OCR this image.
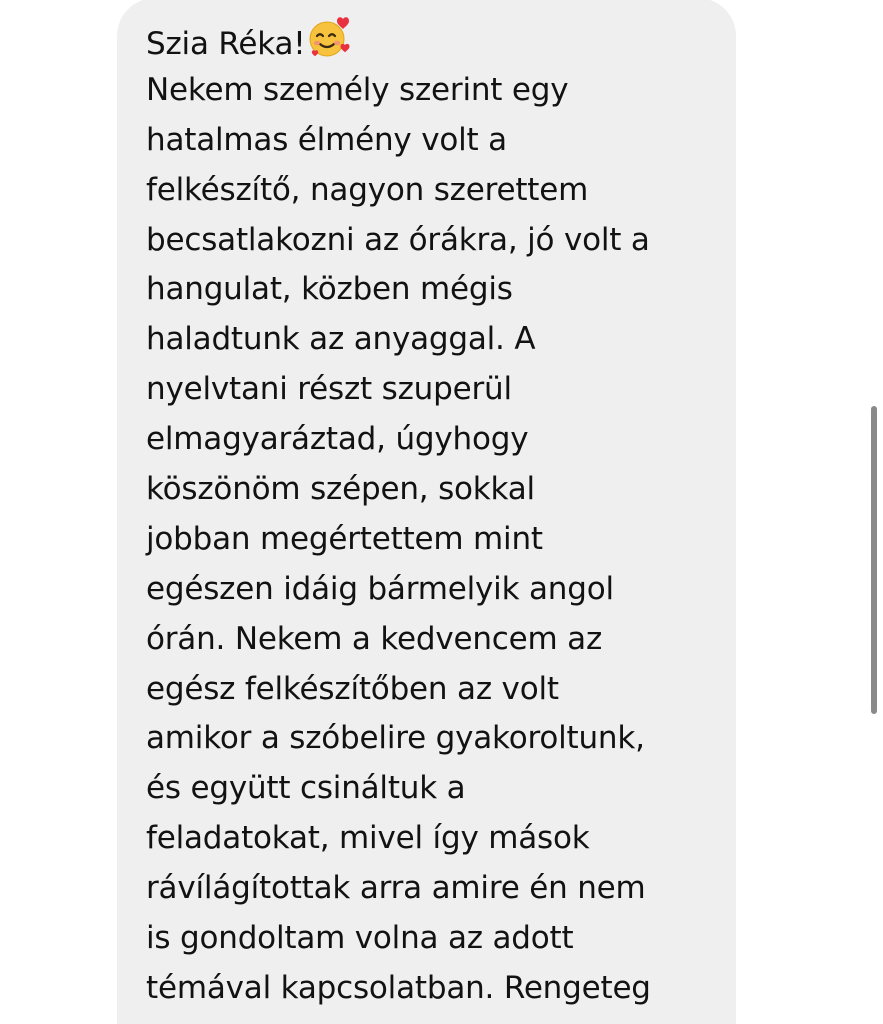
Szia Réka!
Nekem személy szerint egy
hatalmas élmény volt a
felkészítő, nagyon szerettem
becsatlakozni az órákra, jó volt a
hangulat, közben mégis
haladtunk az anyaggal. A
nyelvtani részt szuperül
elmagyaráztad, úgyhogy
köszönöm szépen, sokkal
jobban megértettem mint
egészen idáig bármelyik angol
órán. Nekem a kedvencem az
egész felkészítőben az volt
amikor a szóbelire gyakoroltunk,
és együtt csináltuk a
feladatokat, mivel így mások
rávílágítottak arra amire én nem
is gondoltam volna az adott
témával kapcsolatban. Rengeteg
